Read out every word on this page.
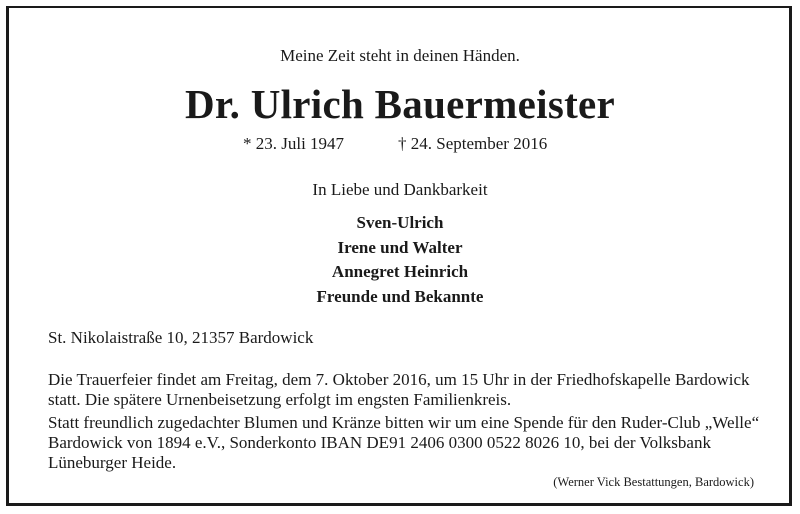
Meine Zeit steht in deinen Händen.
Dr. Ulrich Bauermeister
* 23. Juli 1947	† 24. September 2016
In Liebe und Dankbarkeit
Sven-Ulrich
Irene und Walter
Annegret Heinrich
Freunde und Bekannte
St. Nikolaistraße 10, 21357 Bardowick
Die Trauerfeier findet am Freitag, dem 7. Oktober 2016, um 15 Uhr in der Friedhofskapelle Bardowick statt. Die spätere Urnenbeisetzung erfolgt im engsten Familienkreis.
Statt freundlich zugedachter Blumen und Kränze bitten wir um eine Spende für den Ruder-Club „Welle“ Bardowick von 1894 e.V., Sonderkonto IBAN DE91 2406 0300 0522 8026 10, bei der Volksbank Lüneburger Heide.
(Werner Vick Bestattungen, Bardowick)
